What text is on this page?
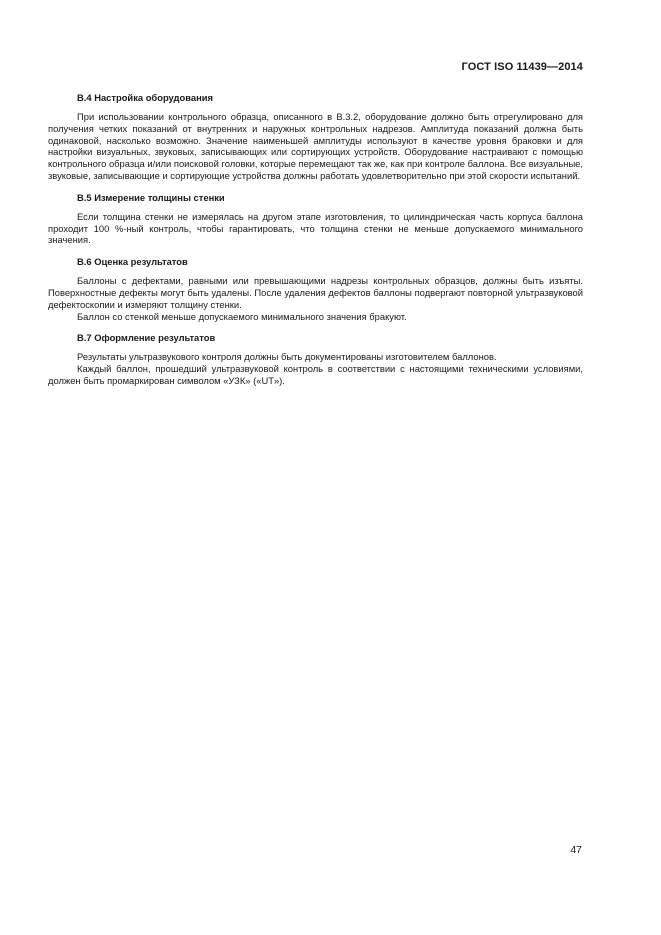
ГОСТ ISO 11439—2014

B.4 Настройка оборудования

При использовании контрольного образца, описанного в В.3.2, оборудование должно быть отрегулировано для получения четких показаний от внутренних и наружных контрольных надрезов. Амплитуда показаний должна быть одинаковой, насколько возможно. Значение наименьшей амплитуды используют в качестве уровня браковки и для настройки визуальных, звуковых, записывающих или сортирующих устройств. Оборудование настраивают с помощью контрольного образца и/или поисковой головки, которые перемещают так же, как при контроле баллона. Все визуальные, звуковые, записывающие и сортирующие устройства должны работать удовлетворительно при этой скорости испытаний.

B.5 Измерение толщины стенки

Если толщина стенки не измерялась на другом этапе изготовления, то цилиндрическая часть корпуса баллона проходит 100 %-ный контроль, чтобы гарантировать, что толщина стенки не меньше допускаемого минимального значения.

B.6 Оценка результатов

Баллоны с дефектами, равными или превышающими надрезы контрольных образцов, должны быть изъяты. Поверхностные дефекты могут быть удалены. После удаления дефектов баллоны подвергают повторной ультразвуковой дефектоскопии и измеряют толщину стенки.

Баллон со стенкой меньше допускаемого минимального значения бракуют.

B.7 Оформление результатов

Результаты ультразвукового контроля должны быть документированы изготовителем баллонов.

Каждый баллон, прошедший ультразвуковой контроль в соответствии с настоящими техническими условиями, должен быть промаркирован символом «УЗК» («UT»).

47
